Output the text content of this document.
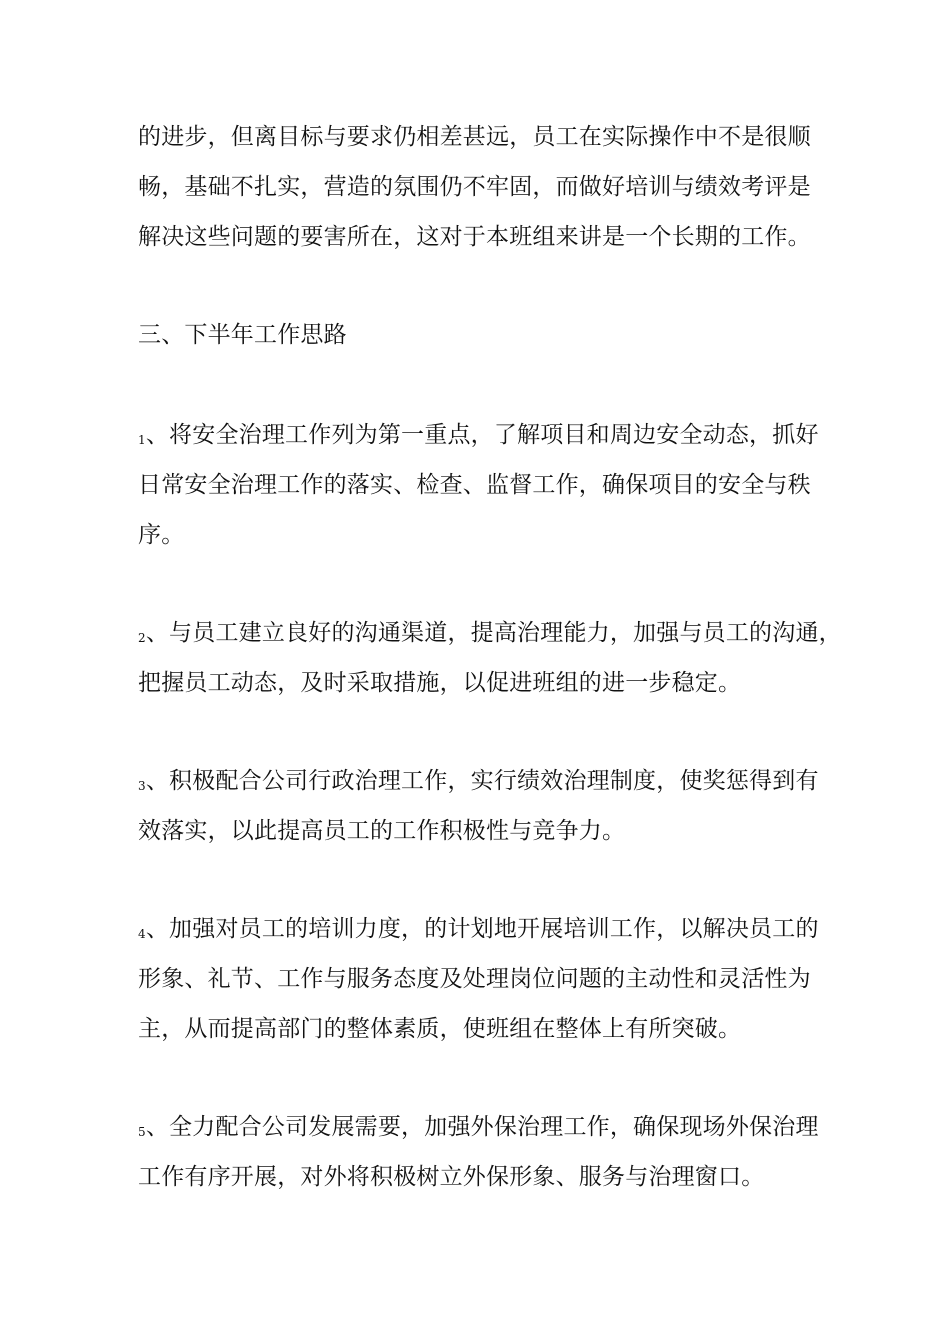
的进步，但离目标与要求仍相差甚远，员工在实际操作中不是很顺
畅，基础不扎实，营造的氛围仍不牢固，而做好培训与绩效考评是
解决这些问题的要害所在，这对于本班组来讲是一个长期的工作。
三、下半年工作思路
1、将安全治理工作列为第一重点，了解项目和周边安全动态，抓好
日常安全治理工作的落实、检查、监督工作，确保项目的安全与秩
序。
2、与员工建立良好的沟通渠道，提高治理能力，加强与员工的沟通，
把握员工动态，及时采取措施，以促进班组的进一步稳定。
3、积极配合公司行政治理工作，实行绩效治理制度，使奖惩得到有
效落实，以此提高员工的工作积极性与竞争力。
4、加强对员工的培训力度，的计划地开展培训工作，以解决员工的
形象、礼节、工作与服务态度及处理岗位问题的主动性和灵活性为
主，从而提高部门的整体素质，使班组在整体上有所突破。
5、全力配合公司发展需要，加强外保治理工作，确保现场外保治理
工作有序开展，对外将积极树立外保形象、服务与治理窗口。
